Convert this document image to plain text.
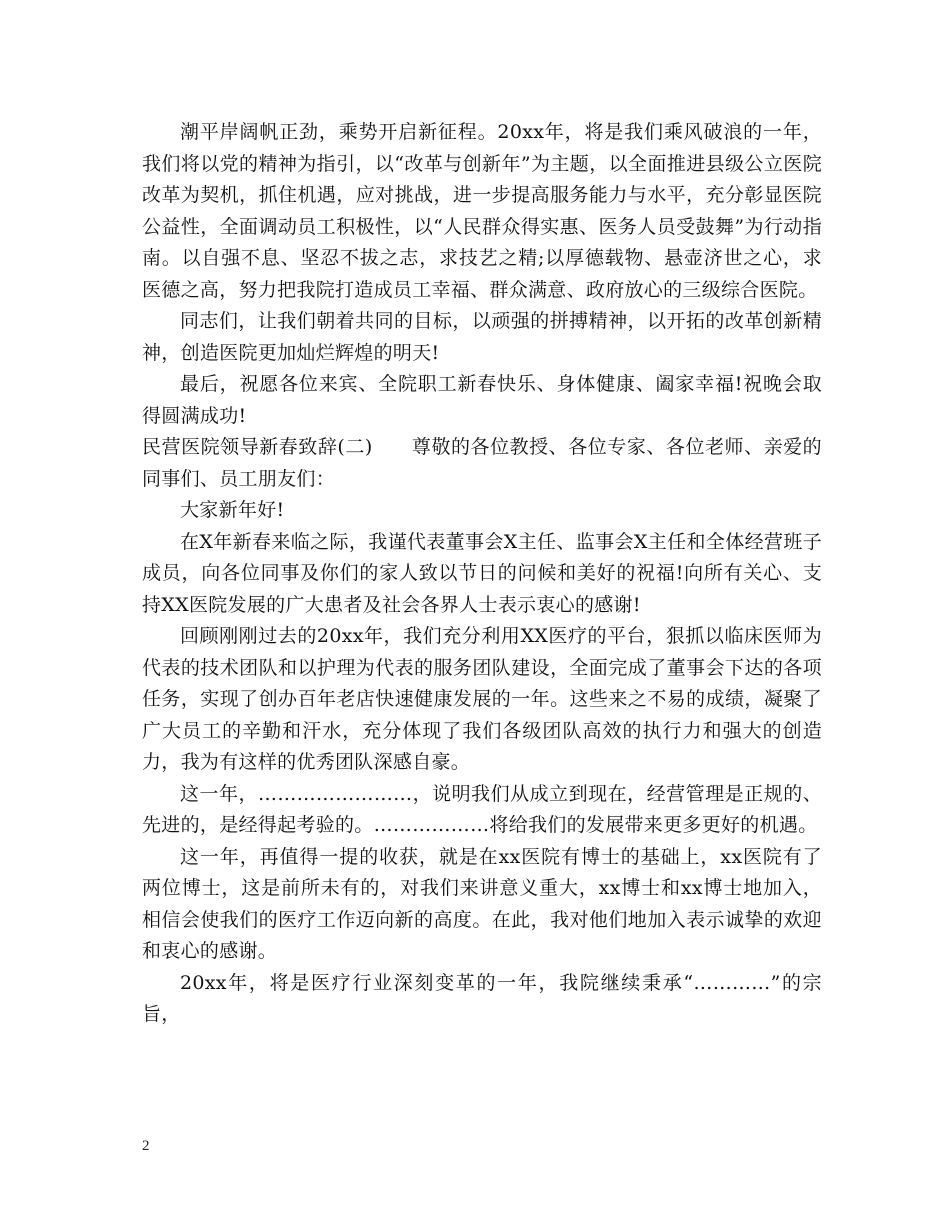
潮平岸阔帆正劲，乘势开启新征程。20xx年，将是我们乘风破浪的一年，我们将以党的精神为指引，以“改革与创新年”为主题，以全面推进县级公立医院改革为契机，抓住机遇，应对挑战，进一步提高服务能力与水平，充分彰显医院公益性，全面调动员工积极性，以“人民群众得实惠、医务人员受鼓舞”为行动指南。以自强不息、坚忍不拔之志，求技艺之精;以厚德载物、悬壶济世之心，求医德之高，努力把我院打造成员工幸福、群众满意、政府放心的三级综合医院。

同志们，让我们朝着共同的目标，以顽强的拼搏精神，以开拓的改革创新精神，创造医院更加灿烂辉煌的明天!

最后，祝愿各位来宾、全院职工新春快乐、身体健康、阖家幸福!祝晚会取得圆满成功!

民营医院领导新春致辞(二)　　尊敬的各位教授、各位专家、各位老师、亲爱的同事们、员工朋友们：

大家新年好!

在X年新春来临之际，我谨代表董事会X主任、监事会X主任和全体经营班子成员，向各位同事及你们的家人致以节日的问候和美好的祝福!向所有关心、支持XX医院发展的广大患者及社会各界人士表示衷心的感谢!

回顾刚刚过去的20xx年，我们充分利用XX医疗的平台，狠抓以临床医师为代表的技术团队和以护理为代表的服务团队建设，全面完成了董事会下达的各项任务，实现了创办百年老店快速健康发展的一年。这些来之不易的成绩，凝聚了广大员工的辛勤和汗水，充分体现了我们各级团队高效的执行力和强大的创造力，我为有这样的优秀团队深感自豪。

这一年，……………………，说明我们从成立到现在，经营管理是正规的、先进的，是经得起考验的。………………将给我们的发展带来更多更好的机遇。

这一年，再值得一提的收获，就是在xx医院有博士的基础上，xx医院有了两位博士，这是前所未有的，对我们来讲意义重大，xx博士和xx博士地加入，相信会使我们的医疗工作迈向新的高度。在此，我对他们地加入表示诚挚的欢迎和衷心的感谢。

20xx年，将是医疗行业深刻变革的一年，我院继续秉承“…………”的宗旨，

2
